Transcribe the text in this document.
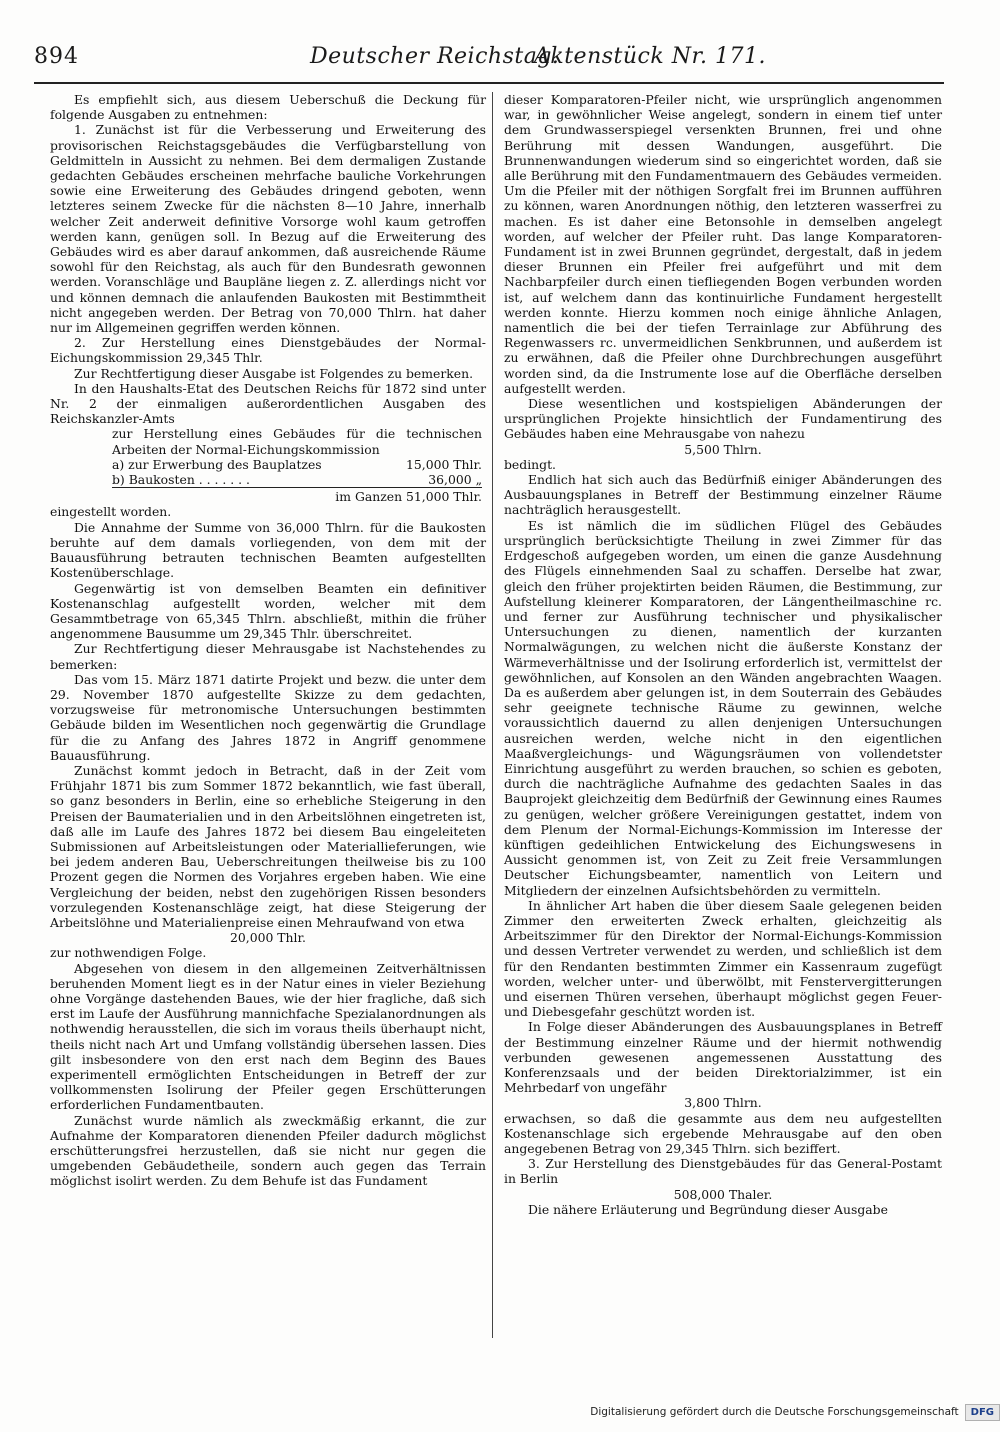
894	Deutscher Reichstag.
Aktenstück Nr. 171.

Es empfiehlt sich, aus diesem Ueberschuß die Deckung für folgende Ausgaben zu entnehmen:

1. Zunächst ist für die Verbesserung und Erweiterung des provisorischen Reichstagsgebäudes die Verfügbarstellung von Geldmitteln in Aussicht zu nehmen. Bei dem dermaligen Zustande gedachten Gebäudes erscheinen mehrfache bauliche Vorkehrungen sowie eine Erweiterung des Gebäudes dringend geboten, wenn letzteres seinem Zwecke für die nächsten 8—10 Jahre, innerhalb welcher Zeit anderweit definitive Vorsorge wohl kaum getroffen werden kann, genügen soll. In Bezug auf die Erweiterung des Gebäudes wird es aber darauf ankommen, daß ausreichende Räume sowohl für den Reichstag, als auch für den Bundesrath gewonnen werden. Voranschläge und Baupläne liegen z. Z. allerdings nicht vor und können demnach die anlaufenden Baukosten mit Bestimmtheit nicht angegeben werden. Der Betrag von 70,000 Thlrn. hat daher nur im Allgemeinen gegriffen werden können.

2. Zur Herstellung eines Dienstgebäudes der Normal-Eichungskommission 29,345 Thlr.

Zur Rechtfertigung dieser Ausgabe ist Folgendes zu bemerken.

In den Haushalts-Etat des Deutschen Reichs für 1872 sind unter Nr. 2 der einmaligen außerordentlichen Ausgaben des Reichskanzler-Amts

zur Herstellung eines Gebäudes für die technischen Arbeiten der Normal-Eichungskommission

a) zur Erwerbung des Bauplatzes	15,000 Thlr.
b) Baukosten . . . . . . .	36,000 „
im Ganzen 51,000 Thlr.

eingestellt worden.

Die Annahme der Summe von 36,000 Thlrn. für die Baukosten beruhte auf dem damals vorliegenden, von dem mit der Bauausführung betrauten technischen Beamten aufgestellten Kostenüberschlage.

Gegenwärtig ist von demselben Beamten ein definitiver Kostenanschlag aufgestellt worden, welcher mit dem Gesammtbetrage von 65,345 Thlrn. abschließt, mithin die früher angenommene Bausumme um 29,345 Thlr. überschreitet.

Zur Rechtfertigung dieser Mehrausgabe ist Nachstehendes zu bemerken:

Das vom 15. März 1871 datirte Projekt und bezw. die unter dem 29. November 1870 aufgestellte Skizze zu dem gedachten, vorzugsweise für metronomische Untersuchungen bestimmten Gebäude bilden im Wesentlichen noch gegenwärtig die Grundlage für die zu Anfang des Jahres 1872 in Angriff genommene Bauausführung.

Zunächst kommt jedoch in Betracht, daß in der Zeit vom Frühjahr 1871 bis zum Sommer 1872 bekanntlich, wie fast überall, so ganz besonders in Berlin, eine so erhebliche Steigerung in den Preisen der Baumaterialien und in den Arbeitslöhnen eingetreten ist, daß alle im Laufe des Jahres 1872 bei diesem Bau eingeleiteten Submissionen auf Arbeitsleistungen oder Materiallieferungen, wie bei jedem anderen Bau, Ueberschreitungen theilweise bis zu 100 Prozent gegen die Normen des Vorjahres ergeben haben. Wie eine Vergleichung der beiden, nebst den zugehörigen Rissen besonders vorzulegenden Kostenanschläge zeigt, hat diese Steigerung der Arbeitslöhne und Materialienpreise einen Mehraufwand von etwa

20,000 Thlr.

zur nothwendigen Folge.

Abgesehen von diesem in den allgemeinen Zeitverhältnissen beruhenden Moment liegt es in der Natur eines in vieler Beziehung ohne Vorgänge dastehenden Baues, wie der hier fragliche, daß sich erst im Laufe der Ausführung mannichfache Spezialanordnungen als nothwendig herausstellen, die sich im voraus theils überhaupt nicht, theils nicht nach Art und Umfang vollständig übersehen lassen. Dies gilt insbesondere von den erst nach dem Beginn des Baues experimentell ermöglichten Entscheidungen in Betreff der zur vollkommensten Isolirung der Pfeiler gegen Erschütterungen erforderlichen Fundamentbauten.

Zunächst wurde nämlich als zweckmäßig erkannt, die zur Aufnahme der Komparatoren dienenden Pfeiler dadurch möglichst erschütterungsfrei herzustellen, daß sie nicht nur gegen die umgebenden Gebäudetheile, sondern auch gegen das Terrain möglichst isolirt werden. Zu dem Behufe ist das Fundament

dieser Komparatoren-Pfeiler nicht, wie ursprünglich angenommen war, in gewöhnlicher Weise angelegt, sondern in einem tief unter dem Grundwasserspiegel versenkten Brunnen, frei und ohne Berührung mit dessen Wandungen, ausgeführt. Die Brunnenwandungen wiederum sind so eingerichtet worden, daß sie alle Berührung mit den Fundamentmauern des Gebäudes vermeiden. Um die Pfeiler mit der nöthigen Sorgfalt frei im Brunnen aufführen zu können, waren Anordnungen nöthig, den letzteren wasserfrei zu machen. Es ist daher eine Betonsohle in demselben angelegt worden, auf welcher der Pfeiler ruht. Das lange Komparatoren-Fundament ist in zwei Brunnen gegründet, dergestalt, daß in jedem dieser Brunnen ein Pfeiler frei aufgeführt und mit dem Nachbarpfeiler durch einen tiefliegenden Bogen verbunden worden ist, auf welchem dann das kontinuirliche Fundament hergestellt werden konnte. Hierzu kommen noch einige ähnliche Anlagen, namentlich die bei der tiefen Terrainlage zur Abführung des Regenwassers rc. unvermeidlichen Senkbrunnen, und außerdem ist zu erwähnen, daß die Pfeiler ohne Durchbrechungen ausgeführt worden sind, da die Instrumente lose auf die Oberfläche derselben aufgestellt werden.

Diese wesentlichen und kostspieligen Abänderungen der ursprünglichen Projekte hinsichtlich der Fundamentirung des Gebäudes haben eine Mehrausgabe von nahezu

5,500 Thlrn.

bedingt.

Endlich hat sich auch das Bedürfniß einiger Abänderungen des Ausbauungsplanes in Betreff der Bestimmung einzelner Räume nachträglich herausgestellt.

Es ist nämlich die im südlichen Flügel des Gebäudes ursprünglich berücksichtigte Theilung in zwei Zimmer für das Erdgeschoß aufgegeben worden, um einen die ganze Ausdehnung des Flügels einnehmenden Saal zu schaffen. Derselbe hat zwar, gleich den früher projektirten beiden Räumen, die Bestimmung, zur Aufstellung kleinerer Komparatoren, der Längentheilmaschine rc. und ferner zur Ausführung technischer und physikalischer Untersuchungen zu dienen, namentlich der kurzanten Normalwägungen, zu welchen nicht die äußerste Konstanz der Wärmeverhältnisse und der Isolirung erforderlich ist, vermittelst der gewöhnlichen, auf Konsolen an den Wänden angebrachten Waagen. Da es außerdem aber gelungen ist, in dem Souterrain des Gebäudes sehr geeignete technische Räume zu gewinnen, welche voraussichtlich dauernd zu allen denjenigen Untersuchungen ausreichen werden, welche nicht in den eigentlichen Maaßvergleichungs- und Wägungsräumen von vollendetster Einrichtung ausgeführt zu werden brauchen, so schien es geboten, durch die nachträgliche Aufnahme des gedachten Saales in das Bauprojekt gleichzeitig dem Bedürfniß der Gewinnung eines Raumes zu genügen, welcher größere Vereinigungen gestattet, indem von dem Plenum der Normal-Eichungs-Kommission im Interesse der künftigen gedeihlichen Entwickelung des Eichungswesens in Aussicht genommen ist, von Zeit zu Zeit freie Versammlungen Deutscher Eichungsbeamter, namentlich von Leitern und Mitgliedern der einzelnen Aufsichtsbehörden zu vermitteln.

In ähnlicher Art haben die über diesem Saale gelegenen beiden Zimmer den erweiterten Zweck erhalten, gleichzeitig als Arbeitszimmer für den Direktor der Normal-Eichungs-Kommission und dessen Vertreter verwendet zu werden, und schließlich ist dem für den Rendanten bestimmten Zimmer ein Kassenraum zugefügt worden, welcher unter- und überwölbt, mit Fenstervergitterungen und eisernen Thüren versehen, überhaupt möglichst gegen Feuer- und Diebesgefahr geschützt worden ist.

In Folge dieser Abänderungen des Ausbauungsplanes in Betreff der Bestimmung einzelner Räume und der hiermit nothwendig verbunden gewesenen angemessenen Ausstattung des Konferenzsaals und der beiden Direktorialzimmer, ist ein Mehrbedarf von ungefähr

3,800 Thlrn.

erwachsen, so daß die gesammte aus dem neu aufgestellten Kostenanschlage sich ergebende Mehrausgabe auf den oben angegebenen Betrag von 29,345 Thlrn. sich beziffert.

3. Zur Herstellung des Dienstgebäudes für das General-Postamt in Berlin

508,000 Thaler.

Die nähere Erläuterung und Begründung dieser Ausgabe

Digitalisierung gefördert durch die Deutsche Forschungsgemeinschaft	DFG
